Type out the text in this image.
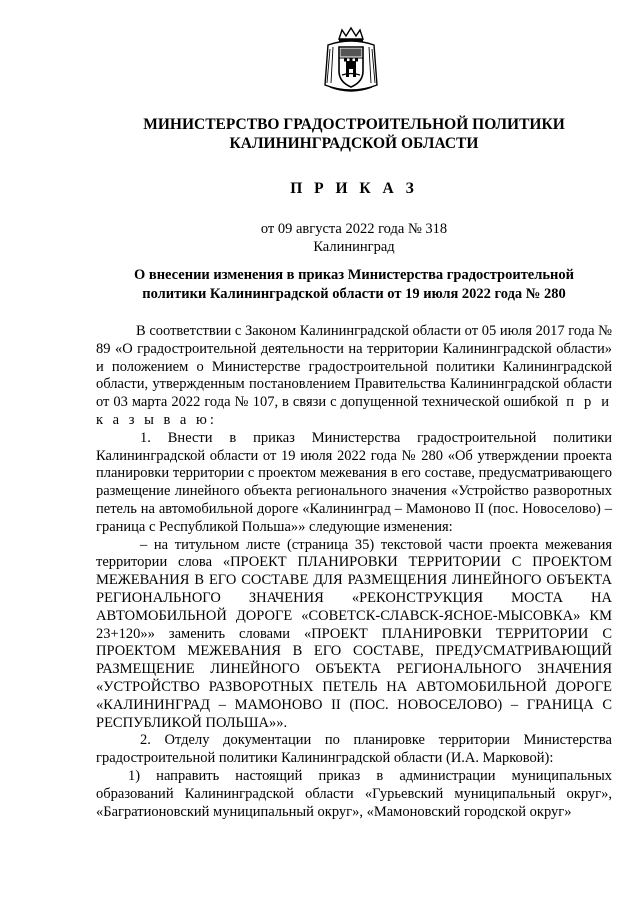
МИНИСТЕРСТВО ГРАДОСТРОИТЕЛЬНОЙ ПОЛИТИКИ
КАЛИНИНГРАДСКОЙ ОБЛАСТИ
П Р И К А З
от 09 августа 2022 года № 318
Калининград
О внесении изменения в приказ Министерства градостроительной
политики Калининградской области от 19 июля 2022 года № 280

В соответствии с Законом Калининградской области от 05 июля 2017 года № 89 «О градостроительной деятельности на территории Калининградской области» и положением о Министерстве градостроительной политики Калининградской области, утвержденным постановлением Правительства Калининградской области от 03 марта 2022 года № 107, в связи с допущенной технической ошибкой п р и к а з ы в а ю:

1. Внести в приказ Министерства градостроительной политики Калининградской области от 19 июля 2022 года № 280 «Об утверждении проекта планировки территории с проектом межевания в его составе, предусматривающего размещение линейного объекта регионального значения «Устройство разворотных петель на автомобильной дороге «Калининград – Мамоново II (пос. Новоселово) – граница с Республикой Польша»» следующие изменения:

– на титульном листе (страница 35) текстовой части проекта межевания территории слова «ПРОЕКТ ПЛАНИРОВКИ ТЕРРИТОРИИ С ПРОЕКТОМ МЕЖЕВАНИЯ В ЕГО СОСТАВЕ ДЛЯ РАЗМЕЩЕНИЯ ЛИНЕЙНОГО ОБЪЕКТА РЕГИОНАЛЬНОГО ЗНАЧЕНИЯ «РЕКОНСТРУКЦИЯ МОСТА НА АВТОМОБИЛЬНОЙ ДОРОГЕ «СОВЕТСК-СЛАВСК-ЯСНОЕ-МЫСОВКА» КМ 23+120»» заменить словами «ПРОЕКТ ПЛАНИРОВКИ ТЕРРИТОРИИ С ПРОЕКТОМ МЕЖЕВАНИЯ В ЕГО СОСТАВЕ, ПРЕДУСМАТРИВАЮЩИЙ РАЗМЕЩЕНИЕ ЛИНЕЙНОГО ОБЪЕКТА РЕГИОНАЛЬНОГО ЗНАЧЕНИЯ «УСТРОЙСТВО РАЗВОРОТНЫХ ПЕТЕЛЬ НА АВТОМОБИЛЬНОЙ ДОРОГЕ «КАЛИНИНГРАД – МАМОНОВО II (ПОС. НОВОСЕЛОВО) – ГРАНИЦА С РЕСПУБЛИКОЙ ПОЛЬША»».

2. Отделу документации по планировке территории Министерства градостроительной политики Калининградской области (И.А. Марковой):

1) направить настоящий приказ в администрации муниципальных образований Калининградской области «Гурьевский муниципальный округ», «Багратионовский муниципальный округ», «Мамоновский городской округ»
